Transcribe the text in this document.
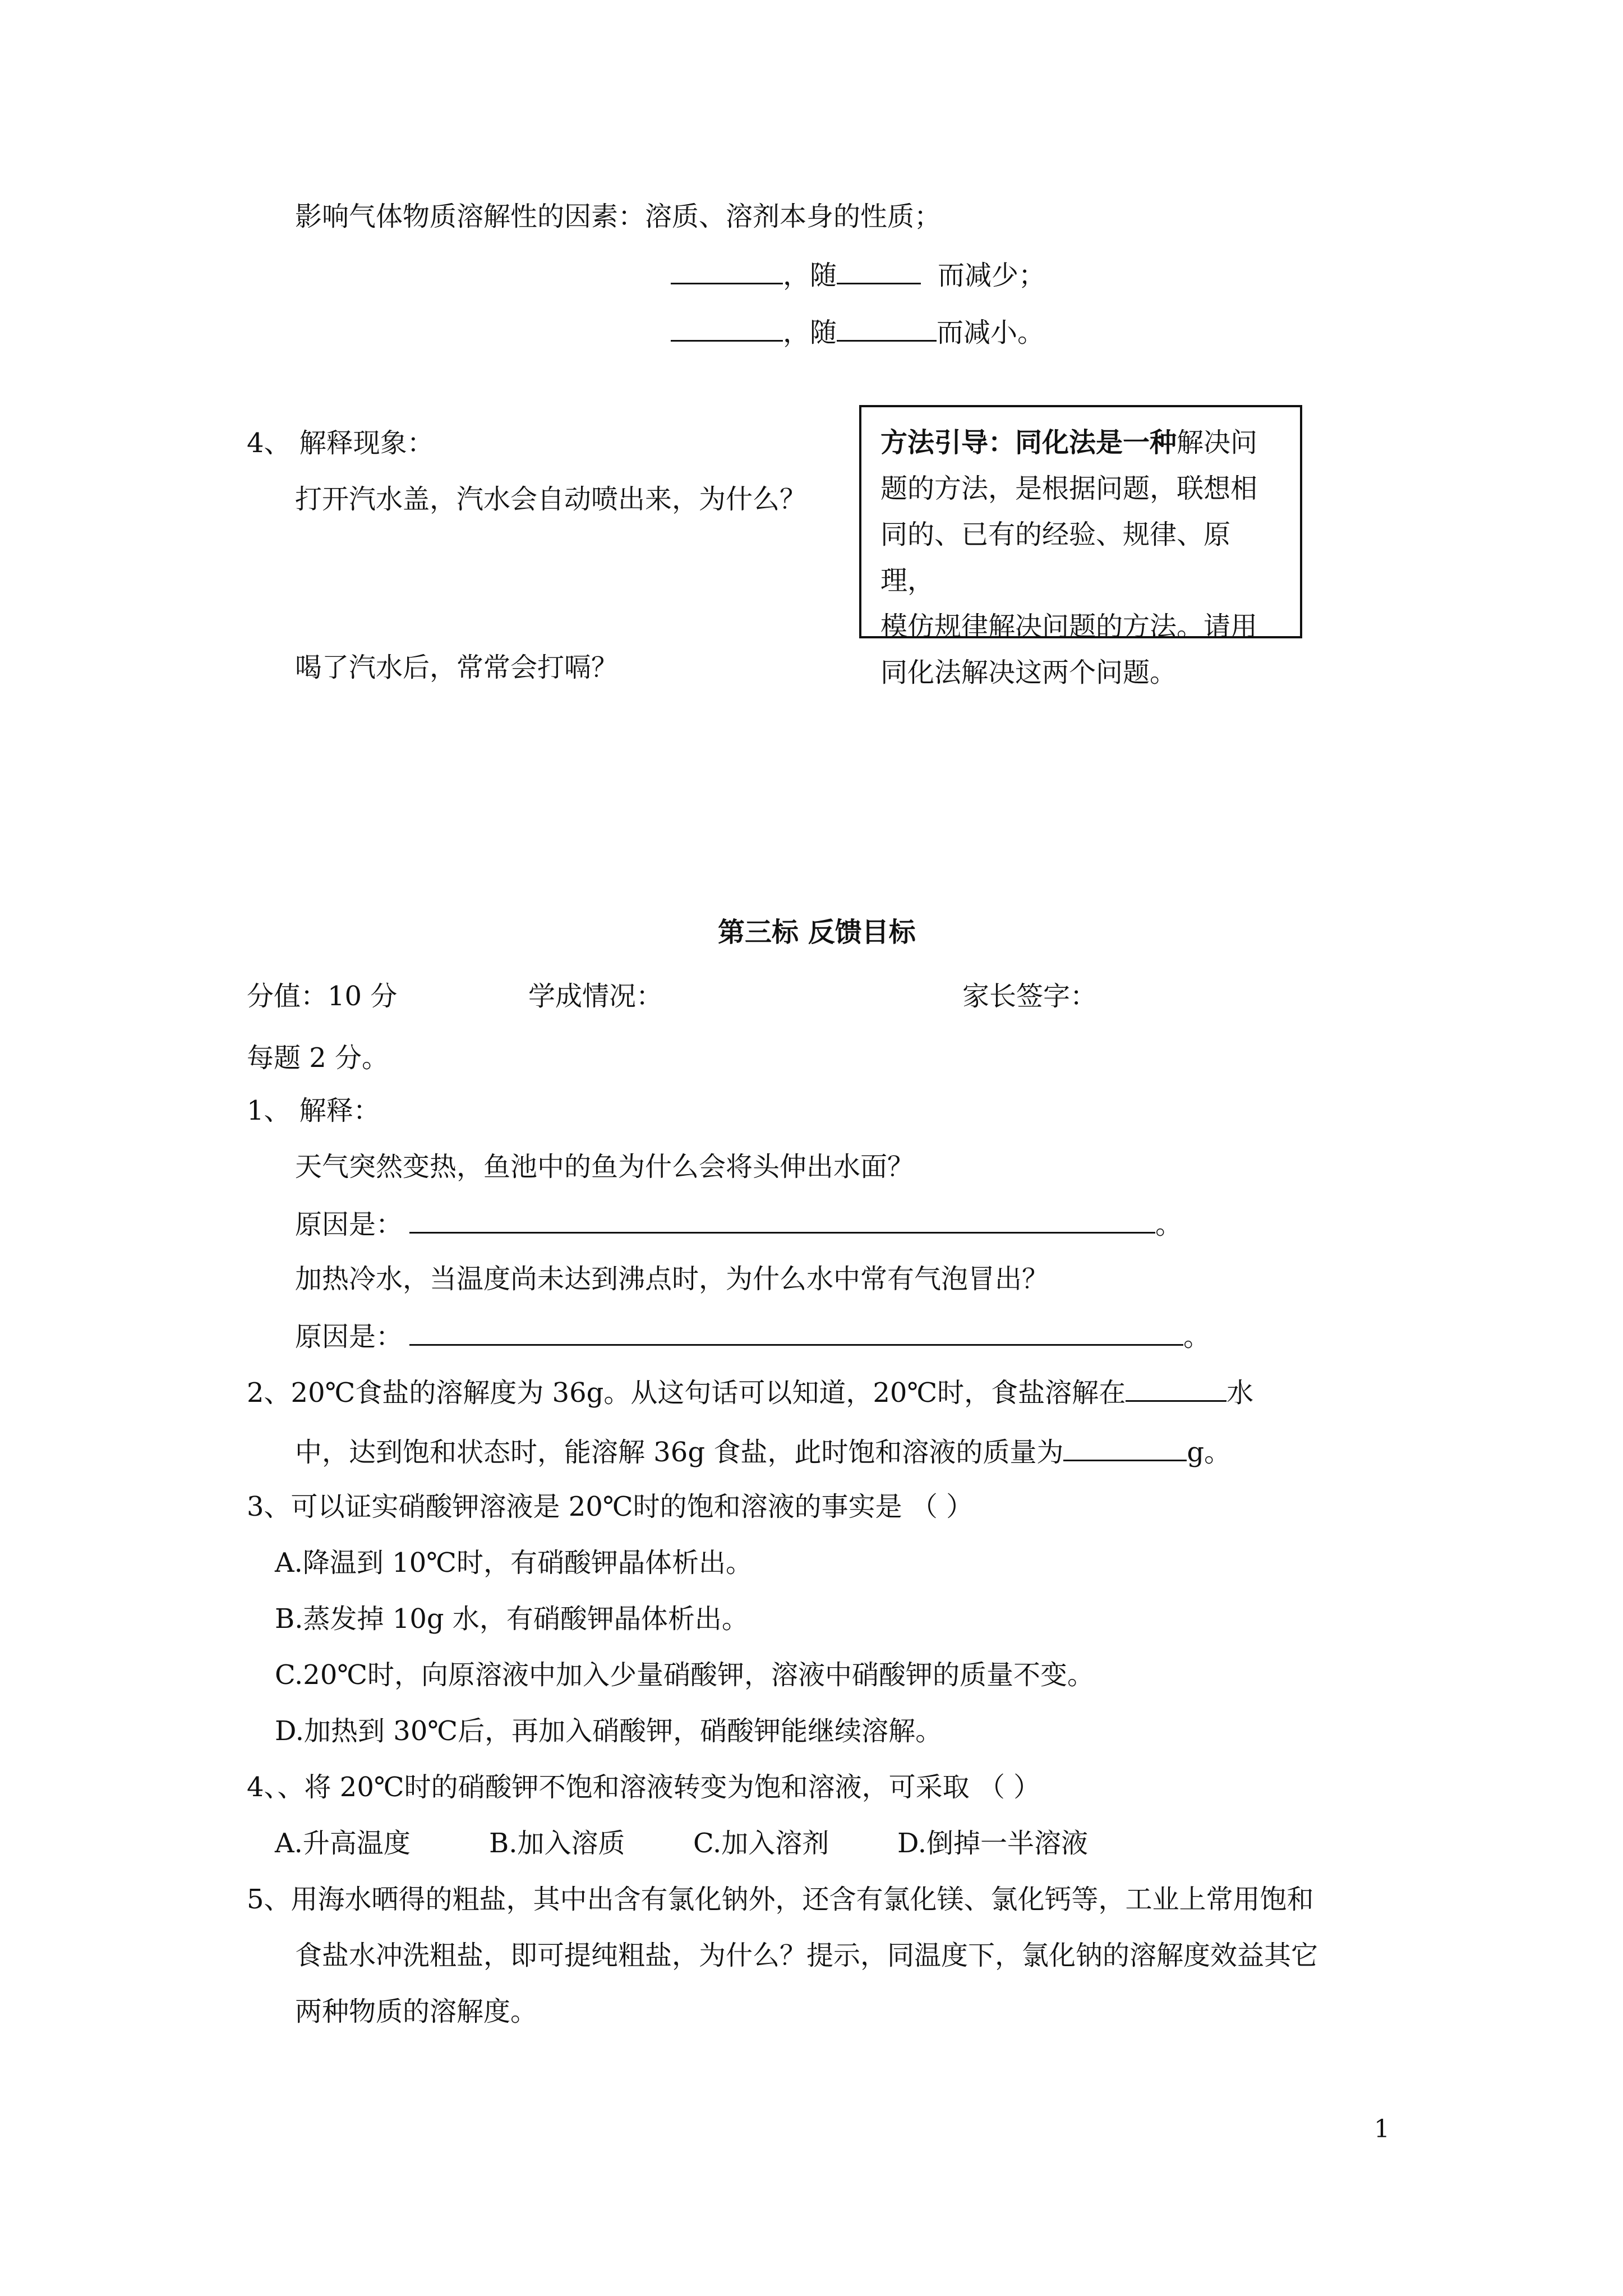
影响气体物质溶解性的因素：溶质、溶剂本身的性质；
，随	而减少；
，随	而减小。
4、 解释现象：
打开汽水盖，汽水会自动喷出来，为什么？
喝了汽水后，常常会打嗝？
方法引导：同化法是一种解决问
题的方法，是根据问题，联想相
同的、已有的经验、规律、原理，
模仿规律解决问题的方法。请用
同化法解决这两个问题。
第三标 反馈目标
分值：10 分	学成情况：	家长签字：
每题 2 分。
1、 解释：
天气突然变热，鱼池中的鱼为什么会将头伸出水面？
原因是：	。
加热冷水，当温度尚未达到沸点时，为什么水中常有气泡冒出？
原因是：	。
2、20℃食盐的溶解度为 36g。从这句话可以知道，20℃时，食盐溶解在	水
中，达到饱和状态时，能溶解 36g 食盐，此时饱和溶液的质量为	g。
3、可以证实硝酸钾溶液是 20℃时的饱和溶液的事实是 （ ）
A.降温到 10℃时，有硝酸钾晶体析出。
B.蒸发掉 10g 水，有硝酸钾晶体析出。
C.20℃时，向原溶液中加入少量硝酸钾，溶液中硝酸钾的质量不变。
D.加热到 30℃后，再加入硝酸钾，硝酸钾能继续溶解。
4、、将 20℃时的硝酸钾不饱和溶液转变为饱和溶液，可采取 （ ）
A.升高温度	B.加入溶质	C.加入溶剂	D.倒掉一半溶液
5、用海水晒得的粗盐，其中出含有氯化钠外，还含有氯化镁、氯化钙等，工业上常用饱和
食盐水冲洗粗盐，即可提纯粗盐，为什么？提示，同温度下，氯化钠的溶解度效益其它
两种物质的溶解度。
1
